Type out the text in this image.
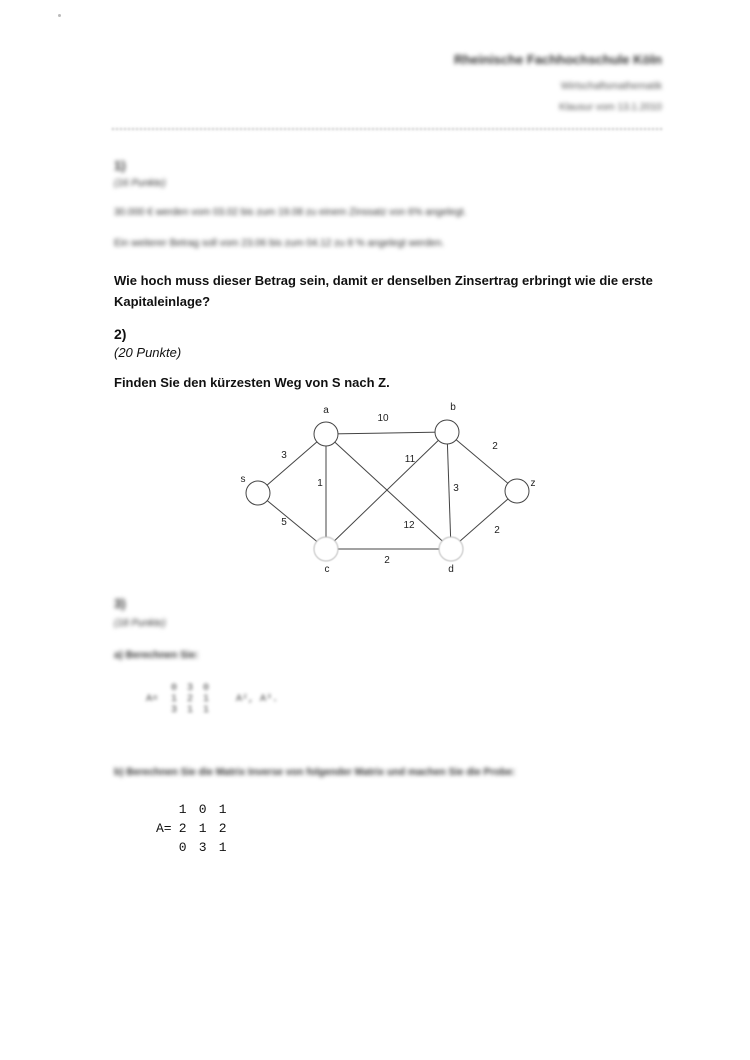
Rheinische Fachhochschule Köln
Wirtschaftsmathematik
Klausur vom 13.1.2010
1)
(16 Punkte)
30.000 € werden vom 03.02 bis zum 19.08 zu einem Zinssatz von 6% angelegt.
Ein weiterer Betrag soll vom 23.06 bis zum 04.12 zu 8 % angelegt werden.
Wie hoch muss dieser Betrag sein, damit er denselben Zinsertrag erbringt wie die erste Kapitaleinlage?
2)
(20 Punkte)
Finden Sie den kürzesten Weg von S nach Z.
3
5
10
1
12
11
3
2
2
2
s
a	b
z
c	d
3)
(18 Punkte)
a) Berechnen Sie:
A=
0 3 0
1 2 1
3 1 1
A², A³.
b) Berechnen Sie die Matrix Inverse von folgender Matrix und machen Sie die Probe:
A=
1 0 1
2 1 2
0 3 1
